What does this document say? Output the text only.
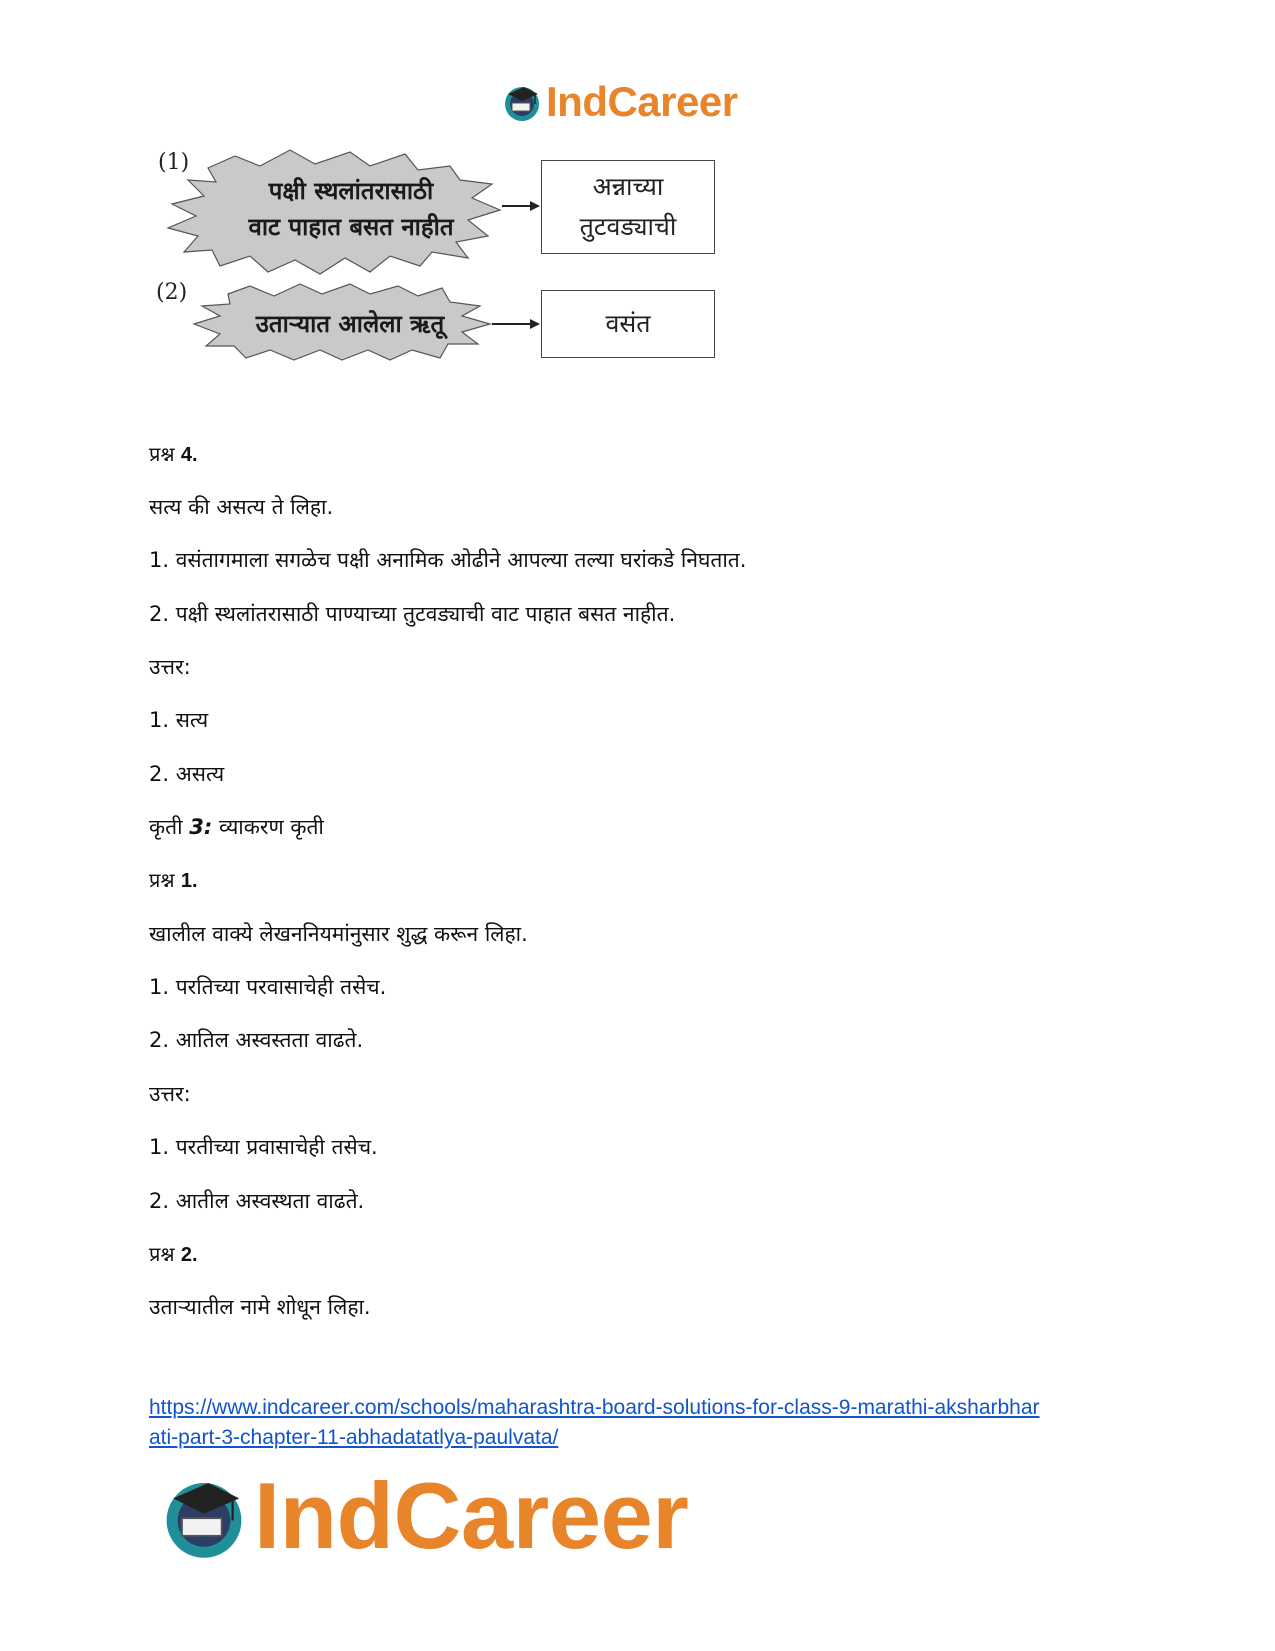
IndCareer
(1)
पक्षी स्थलांतरासाठी
वाट पाहात बसत नाहीत
अन्नाच्या
तुटवड्याची
(2)
उताऱ्यात आलेला ऋतू	वसंत
प्रश्न 4.
सत्य की असत्य ते लिहा.
1. वसंतागमाला सगळेच पक्षी अनामिक ओढीने आपल्या तल्या घरांकडे निघतात.
2. पक्षी स्थलांतरासाठी पाण्याच्या तुटवड्याची वाट पाहात बसत नाहीत.
उत्तर:
1. सत्य
2. असत्य
कृती 3: व्याकरण कृती
प्रश्न 1.
खालील वाक्ये लेखननियमांनुसार शुद्ध करून लिहा.
1. परतिच्या परवासाचेही तसेच.
2. आतिल अस्वस्तता वाढते.
उत्तर:
1. परतीच्या प्रवासाचेही तसेच.
2. आतील अस्वस्थता वाढते.
प्रश्न 2.
उताऱ्यातील नामे शोधून लिहा.
https://www.indcareer.com/schools/maharashtra-board-solutions-for-class-9-marathi-aksharbhar
ati-part-3-chapter-11-abhadatatlya-paulvata/
IndCareer
